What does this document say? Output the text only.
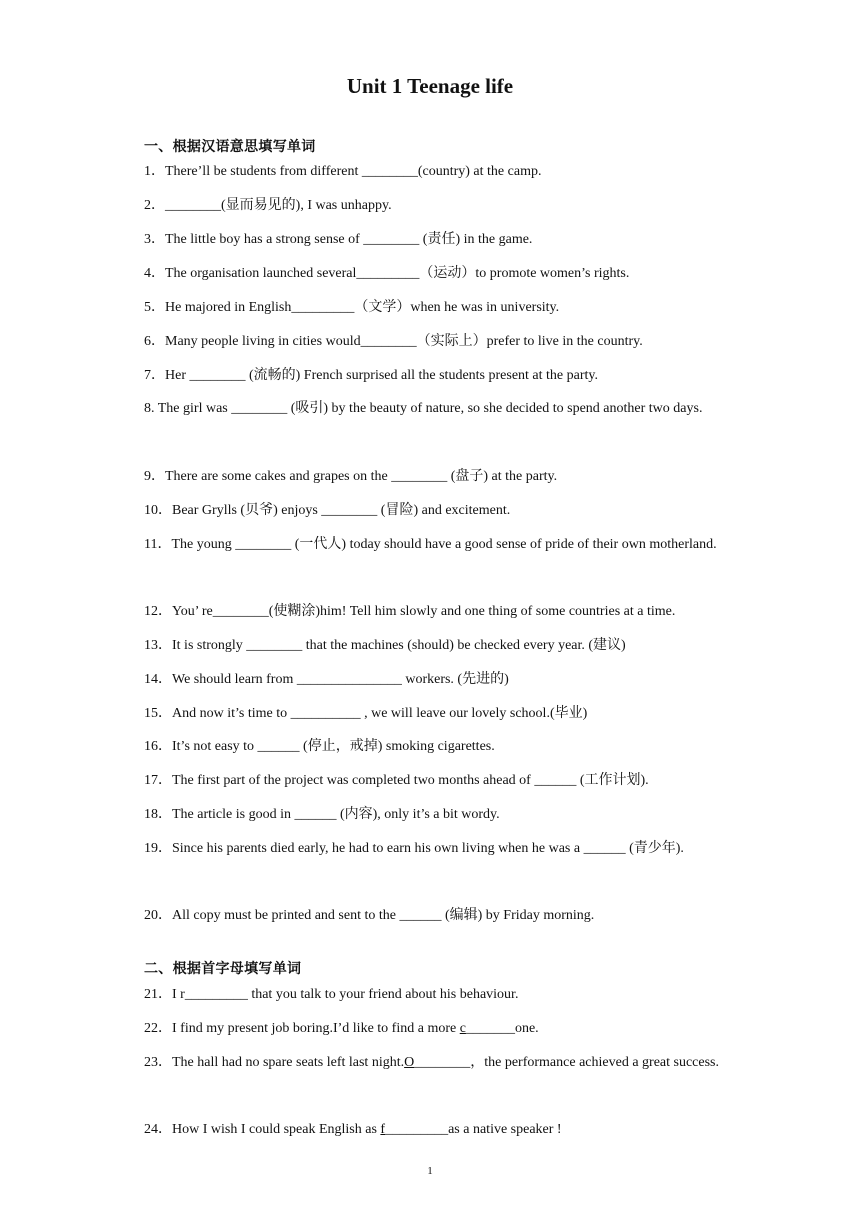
Unit 1 Teenage life
一、根据汉语意思填写单词
1．There’ll be students from different ________(country) at the camp.
2．________(显而易见的), I was unhappy.
3．The little boy has a strong sense of ________ (责任) in the game.
4．The organisation launched several_________（运动）to promote women’s rights.
5．He majored in English_________（文学）when he was in university.
6．Many people living in cities would________（实际上）prefer to live in the country.
7．Her ________ (流畅的) French surprised all the students present at the party.
8. The girl was ________ (吸引) by the beauty of nature, so she decided to spend another two days.
9．There are some cakes and grapes on the ________ (盘子) at the party.
10．Bear Grylls (贝爷) enjoys ________ (冒险) and excitement.
11．The young ________ (一代人) today should have a good sense of pride of their own motherland.
12．You’ re________(使糊涂)him! Tell him slowly and one thing of some countries at a time.
13．It is strongly ________ that the machines (should) be checked every year. (建议)
14．We should learn from _______________ workers. (先进的)
15．And now it’s time to __________ , we will leave our lovely school.(毕业)
16．It’s not easy to ______ (停止，戒掉) smoking cigarettes.
17．The first part of the project was completed two months ahead of ______ (工作计划).
18．The article is good in ______ (内容), only it’s a bit wordy.
19．Since his parents died early, he had to earn his own living when he was a ______ (青少年).
20．All copy must be printed and sent to the ______ (编辑) by Friday morning.
二、根据首字母填写单词
21．I r_________ that you talk to your friend about his behaviour.
22．I find my present job boring.I’d like to find a more c_______one.
23．The hall had no spare seats left last night.O________，the performance achieved a great success.
24．How I wish I could speak English as f_________as a native speaker !
1
